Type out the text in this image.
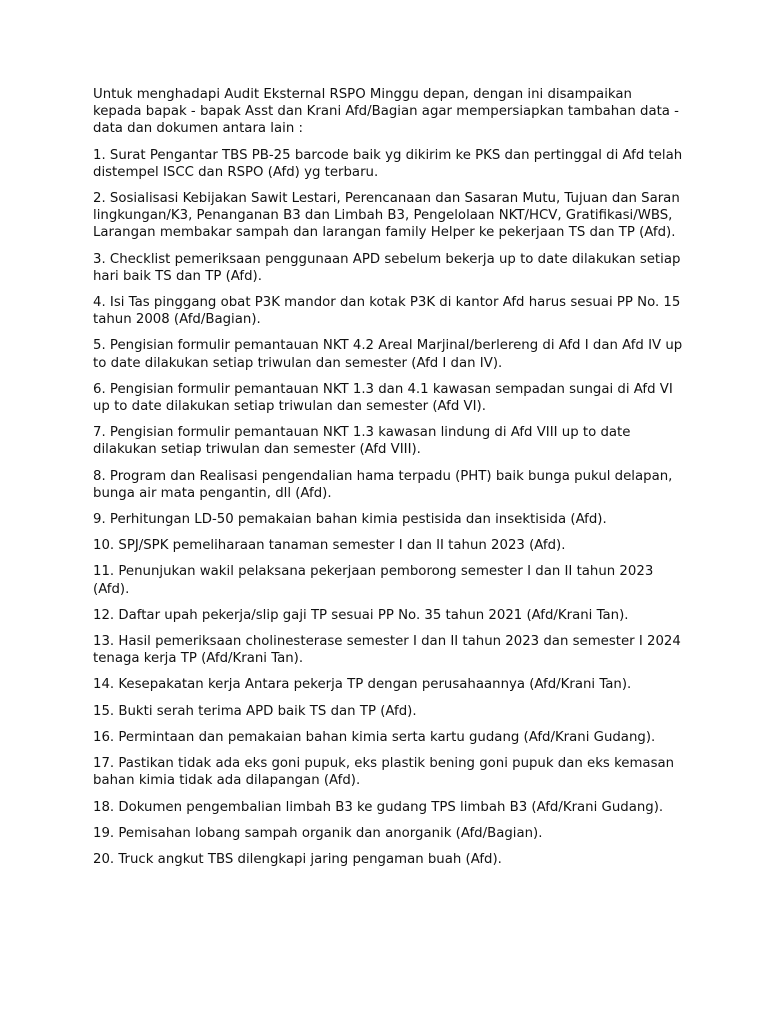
Untuk menghadapi Audit Eksternal RSPO Minggu depan, dengan ini disampaikan kepada bapak - bapak Asst dan Krani Afd/Bagian agar mempersiapkan tambahan data - data dan dokumen antara lain :

1. Surat Pengantar TBS PB-25 barcode baik yg dikirim ke PKS dan pertinggal di Afd telah distempel ISCC dan RSPO (Afd) yg terbaru.

2. Sosialisasi Kebijakan Sawit Lestari, Perencanaan dan Sasaran Mutu, Tujuan dan Saran lingkungan/K3, Penanganan B3 dan Limbah B3, Pengelolaan NKT/HCV, Gratifikasi/WBS, Larangan membakar sampah dan larangan family Helper ke pekerjaan TS dan TP (Afd).

3. Checklist pemeriksaan penggunaan APD sebelum bekerja up to date dilakukan setiap hari baik TS dan TP (Afd).

4. Isi Tas pinggang obat P3K mandor dan kotak P3K di kantor Afd harus sesuai PP No. 15 tahun 2008 (Afd/Bagian).

5. Pengisian formulir pemantauan NKT 4.2 Areal Marjinal/berlereng di Afd I dan Afd IV up to date dilakukan setiap triwulan dan semester (Afd I dan IV).

6. Pengisian formulir pemantauan NKT 1.3 dan 4.1 kawasan sempadan sungai di Afd VI up to date dilakukan setiap triwulan dan semester (Afd VI).

7. Pengisian formulir pemantauan NKT 1.3 kawasan lindung di Afd VIII up to date dilakukan setiap triwulan dan semester (Afd VIII).

8. Program dan Realisasi pengendalian hama terpadu (PHT) baik bunga pukul delapan, bunga air mata pengantin, dll (Afd).

9. Perhitungan LD-50 pemakaian bahan kimia pestisida dan insektisida (Afd).

10. SPJ/SPK pemeliharaan tanaman semester I dan II tahun 2023 (Afd).

11. Penunjukan wakil pelaksana pekerjaan pemborong semester I dan II tahun 2023 (Afd).

12. Daftar upah pekerja/slip gaji TP sesuai PP No. 35 tahun 2021 (Afd/Krani Tan).

13. Hasil pemeriksaan cholinesterase semester I dan II tahun 2023 dan semester I 2024 tenaga kerja TP (Afd/Krani Tan).

14. Kesepakatan kerja Antara pekerja TP dengan perusahaannya (Afd/Krani Tan).

15. Bukti serah terima APD baik TS dan TP (Afd).

16. Permintaan dan pemakaian bahan kimia serta kartu gudang (Afd/Krani Gudang).

17. Pastikan tidak ada eks goni pupuk, eks plastik bening goni pupuk dan eks kemasan bahan kimia tidak ada dilapangan (Afd).

18. Dokumen pengembalian limbah B3 ke gudang TPS limbah B3 (Afd/Krani Gudang).

19. Pemisahan lobang sampah organik dan anorganik (Afd/Bagian).

20. Truck angkut TBS dilengkapi jaring pengaman buah (Afd).
